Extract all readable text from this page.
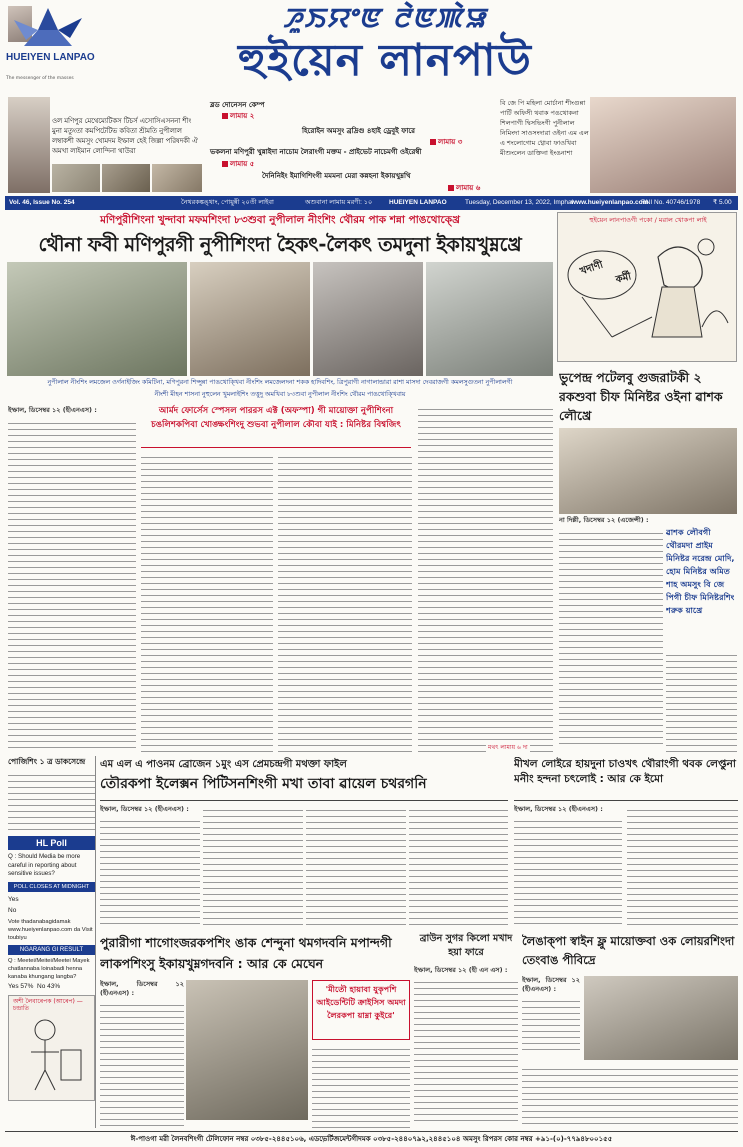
HUEIYEN LANPAO
The messenger of the masses
ꯍꯨꯏꯌꯦꯟ ꯂꯥꯟꯄꯥꯎ
হুইয়েন লানপাউ
ওল মণিপুর মেথেম্যেটিকস টিচর্স এসোসিএসননা শীং মুনা মতুংতা কমপিটেটিভ কবিতা শ্রীমতি নুপীলাল লম্বাকশী অমসুং খোমদম ইম্ফাল হেই জিল্লা পরিষদকী ঐ অমখা লাইমান লোন্দিনা থাউরা
ব্লড দোনেসন কেম্প
লামায় ২
হিরোইন অমসুং ব্রদ্রিগু ৪হাই ড্রেবুই ফারে
লামায় ৩
ভকলনা মণিপুরী খুন্নাইদা নাচোম লৈরাংগী মক্তম - প্রাইভেট নাচেমগী ওইরেম্বী
লামায় ৫
দৈনিনিইং ইমাগিশিংগী মমমনা মেরা কন্নহনা ইকায়খুম্নখি
লামায় ৬
বি জে পি মহিলা মোর্চানা শীংগুন্না পার্টি অফিসী থবাক পঙথোকনা শিলপাগী দ্বিসভিংগী পুনীলাল নিমিংদা সাওসংদারা ওইনা এম এল এ শংলোগোম খ্বোবা ফাওখিবা মীশুংলেন ডাক্তিনা ইংঙনাশা
Vol. 46, Issue No. 254	নৈথরকঙ্কঙ্থাং, পোয়ুন্নী ২০তী লাইবা	অশুবানা লামায় মরণী: ১০	HUEIYEN LANPAO	Tuesday, December 13, 2022, Imphal
www.hueiyenlanpao.com
RNI No. 40746/1978 ₹ 5.00
মণিপুরীশিংনা খুন্দাবা মফমশিংদা ৮৩শুবা নুপীলাল নীংশিং থৌরম পাক শন্না পাঙথোক্খ্রে
থৌনা ফবী মণিপুরগী নুপীশিংদা হৈকৎ-লৈকৎ তমদুনা ইকায়খুম্নখ্রে
নুপীলাল নীংশিং লমজেল ওর্গনাইজিং কমিটিনা, মণিপুরনা শিপ্সুন্না পাঙথোক্খিবা নীংশিং লমজেলদনা শকক হাদিবশিং, ত্রিপুরাগী নাগালান্ডারা রাশা মাসদা দেবরাজগী কমলসুগুতনা নুপীলালগী
নীংশী মীহন শাসনা নুহুলেন খুমলাইশিং তত্তুদু অমখিবা ৮৩শুবা নুপীলাল নীংশিং থৌরম পাঙথোক্খিবায়
ইম্ফাল, ডিসেম্বর ১২ (হীএনএস) :	আর্মদ ফোর্সেস স্পেসল পাররস এক্ট (অফস্পা) গী মায়োক্তা নুপীশিংনা চঙলিশকপিবা খোঙ্ক্ষংশিংদু শুভবা নুপীলাল কৌবা যাই : মিনিষ্টর বিশ্বজিৎ
মথৎ লামায় ৬ দা
হুইয়েন লানপাওগী পকো / মরাল খোকপা লাই
খদাণী
কর্মী
ভুপেন্দ্র পটেলবু গুজরাটকী ২ রকশুবা চীফ মিনিষ্টর ওইনা ৱাশক লৌখ্রে
না দিল্লী, ডিসেম্বর ১২ (এজেন্সী) :
ৱাশক লৌবগী থৌরমদা প্রাইম মিনিষ্টর নরেন্দ্র মোদি, হোম মিনিষ্টর অমিত শাহ অমসুং বি জে পিগী চীফ মিনিষ্টরশিং শরুক য়াখ্রে
পোজিশিং ১ ত্র ডাকসেন্দ্রে
HL Poll
Q : Should Media be more careful in reporting about sensitive issues?
POLL CLOSES AT MIDNIGHT
Yes
No
Vote thadanabagidamak www.hueiyenlanpao.com da Visit toubiyu
NGARANG GI RESULT
Q : Meetei/Meitei/Meetei Mayek chatlannaba loinabadi henna kanaba khungang langba?
Yes 57% No 43%
অশী লৈবাৰেপক (আৰেপ) — চন্দ্রাতি
এম এল এ পাওনম ব্রোজেন ১মুং এস প্রেমচন্দ্রগী মথক্তা ফাইল
তৌরকপা ইলেক্সন পিটিসনশিংগী মখা তাবা ৱায়েল চথরগনি
ইম্ফাল, ডিসেম্বর ১২ (হীএনএস) :
মীখল লোইরে হায়দুনা চাওখৎ থৌরাংগী থবক লেপ্তুনা মনীং হন্দনা চৎলোই : আর কে ইমো
ইম্ফাল, ডিসেম্বর ১২ (হীএনএস) :
পুরারীগা শাগোংজরকপশিং ঙাক শেন্দুনা থমগদবনি মপান্দগী লাকপশিংসু ইকায়খুম্নগদবনি : আর কে মেঘেন
ইম্ফাল, ডিসেম্বর ১২ (হীএনএস) :	'মীতৌ হায়াবা যুকৃপশি আইডেন্টিটি ক্রাইসিস অমদা লৈরকপা য়াম্না কুইরে'
ব্রাউন সুগর কিলো মখাদ হয়া ফারে
ইম্ফাল, ডিসেম্বর ১২ (হী এন এস) :
লৈঙাক্পা স্বাইন ফ্লু মায়োক্তবা ওক লোয়রশিংদা তেংবাঙ পীবিদ্রে
ইম্ফাল, ডিসেম্বর ১২ (হীএনএস) :
ঈ-পাওগা মরী লৈনবশিংগী টেলিফোন নম্বর ০৩৮৫-২৪৪৫১০৬, এডভ়ের্টিজমেন্টগীদমক ০৩৮৫-২৪৪০৭৯২,২৪৪৫১০৪ অমসুং রিপরস কোর নম্বর +৯১-(০)-৭৭৯৪৮০০১৫৫
